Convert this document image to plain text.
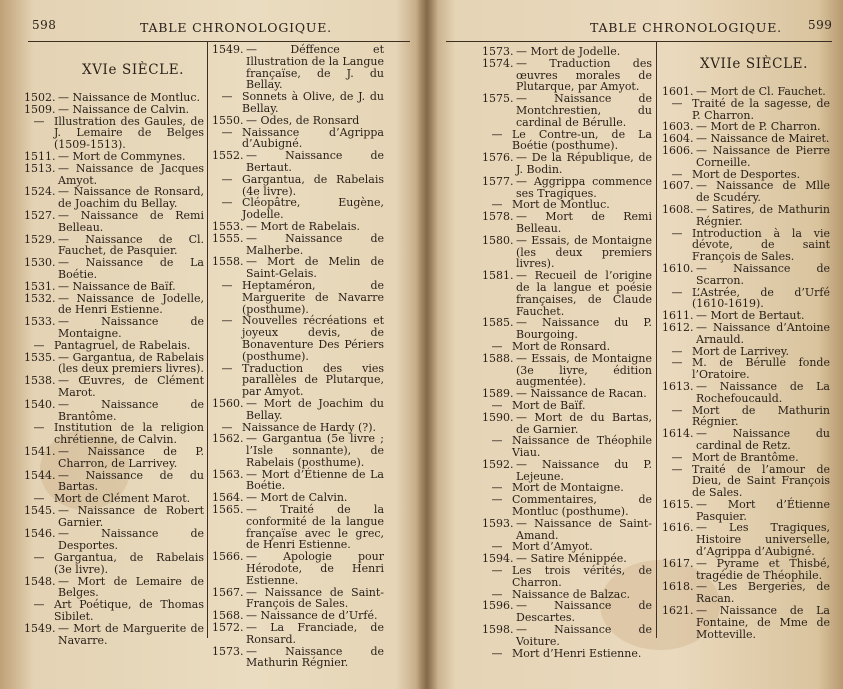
598	TABLE CHRONOLOGIQUE.
XVIe SIÈCLE.
1502. — Naissance de Montluc.
1509. — Naissance de Calvin.
— Illustration des Gaules, de J. Lemaire de Belges (1509-1513).
1511. — Mort de Commynes.
1513. — Naissance de Jacques Amyot.
1524. — Naissance de Ronsard, de Joachim du Bellay.
1527. — Naissance de Remi Belleau.
1529. — Naissance de Cl. Fauchet, de Pasquier.
1530. — Naissance de La Boétie.
1531. — Naissance de Baïf.
1532. — Naissance de Jodelle, de Henri Estienne.
1533. — Naissance de Montaigne.
— Pantagruel, de Rabelais.
1535. — Gargantua, de Rabelais (les deux premiers livres).
1538. — Œuvres, de Clément Marot.
1540. — Naissance de Brantôme.
— Institution de la religion chrétienne, de Calvin.
1541. — Naissance de P. Charron, de Larrivey.
1544. — Naissance de du Bartas.
— Mort de Clément Marot.
1545. — Naissance de Robert Garnier.
1546. — Naissance de Desportes.
— Gargantua, de Rabelais (3e livre).
1548. — Mort de Lemaire de Belges.
— Art Poétique, de Thomas Sibilet.
1549. — Mort de Marguerite de Navarre.
1549. — Déffence et Illustration de la Langue françaïse, de J. du Bellay.
— Sonnets à Olive, de J. du Bellay.
1550. — Odes, de Ronsard
— Naissance d’Agrippa d’Aubigné.
1552. — Naissance de Bertaut.
— Gargantua, de Rabelais (4e livre).
— Cléopâtre, Eugène, Jodelle.
1553. — Mort de Rabelais.
1555. — Naissance de Malherbe.
1558. — Mort de Melin de Saint-Gelais.
— Heptaméron, de Marguerite de Navarre (posthume).
— Nouvelles récréations et joyeux devis, de Bonaventure Des Périers (posthume).
— Traduction des vies parallèles de Plutarque, par Amyot.
1560. — Mort de Joachim du Bellay.
— Naissance de Hardy (?).
1562. — Gargantua (5e livre ; l’Isle sonnante), de Rabelais (posthume).
1563. — Mort d’Étienne de La Boétie.
1564. — Mort de Calvin.
1565. — Traité de la conformité de la langue françaïse avec le grec, de Henri Estienne.
1566. — Apologie pour Hérodote, de Henri Estienne.
1567. — Naissance de Saint-François de Sales.
1568. — Naissance de d’Urfé.
1572. — La Franciade, de Ronsard.
1573. — Naissance de Mathurin Régnier.
TABLE CHRONOLOGIQUE. 599
1573. — Mort de Jodelle.
1574. — Traduction des œuvres morales de Plutarque, par Amyot.
1575. — Naissance de Montchrestien, du cardinal de Bérulle.
— Le Contre-un, de La Boétie (posthume).
1576. — De la République, de J. Bodin.
1577. — Aggrippa commence ses Tragiques.
— Mort de Montluc.
1578. — Mort de Remi Belleau.
1580. — Essais, de Montaigne (les deux premiers livres).
1581. — Recueil de l’origine de la langue et poésie françaises, de Claude Fauchet.
1585. — Naissance du P. Bourgoing.
— Mort de Ronsard.
1588. — Essais, de Montaigne (3e livre, édition augmentée).
1589. — Naissance de Racan.
— Mort de Baïf.
1590. — Mort de du Bartas, de Garnier.
— Naissance de Théophile Viau.
1592. — Naissance du P. Lejeune.
— Mort de Montaigne.
— Commentaires, de Montluc (posthume).
1593. — Naissance de Saint-Amand.
— Mort d’Amyot.
1594. — Satire Ménippée.
— Les trois vérités, de Charron.
— Naissance de Balzac.
1596. — Naissance de Descartes.
1598. — Naissance de Voiture.
— Mort d’Henri Estienne.
XVIIe SIÈCLE.
1601. — Mort de Cl. Fauchet.
— Traité de la sagesse, de P. Charron.
1603. — Mort de P. Charron.
1604. — Naissance de Mairet.
1606. — Naissance de Pierre Corneille.
— Mort de Desportes.
1607. — Naissance de Mlle de Scudéry.
1608. — Satires, de Mathurin Régnier.
— Introduction à la vie dévote, de saint François de Sales.
1610. — Naissance de Scarron.
— L’Astrée, de d’Urfé (1610-1619).
1611. — Mort de Bertaut.
1612. — Naissance d’Antoine Arnauld.
— Mort de Larrivey.
— M. de Bérulle fonde l’Oratoire.
1613. — Naissance de La Rochefoucauld.
— Mort de Mathurin Régnier.
1614. — Naissance du cardinal de Retz.
— Mort de Brantôme.
— Traité de l’amour de Dieu, de Saint François de Sales.
1615. — Mort d’Étienne Pasquier.
1616. — Les Tragiques, Histoire universelle, d’Agrippa d’Aubigné.
1617. — Pyrame et Thisbé, tragédie de Théophile.
1618. — Les Bergeries, de Racan.
1621. — Naissance de La Fontaine, de Mme de Motteville.
